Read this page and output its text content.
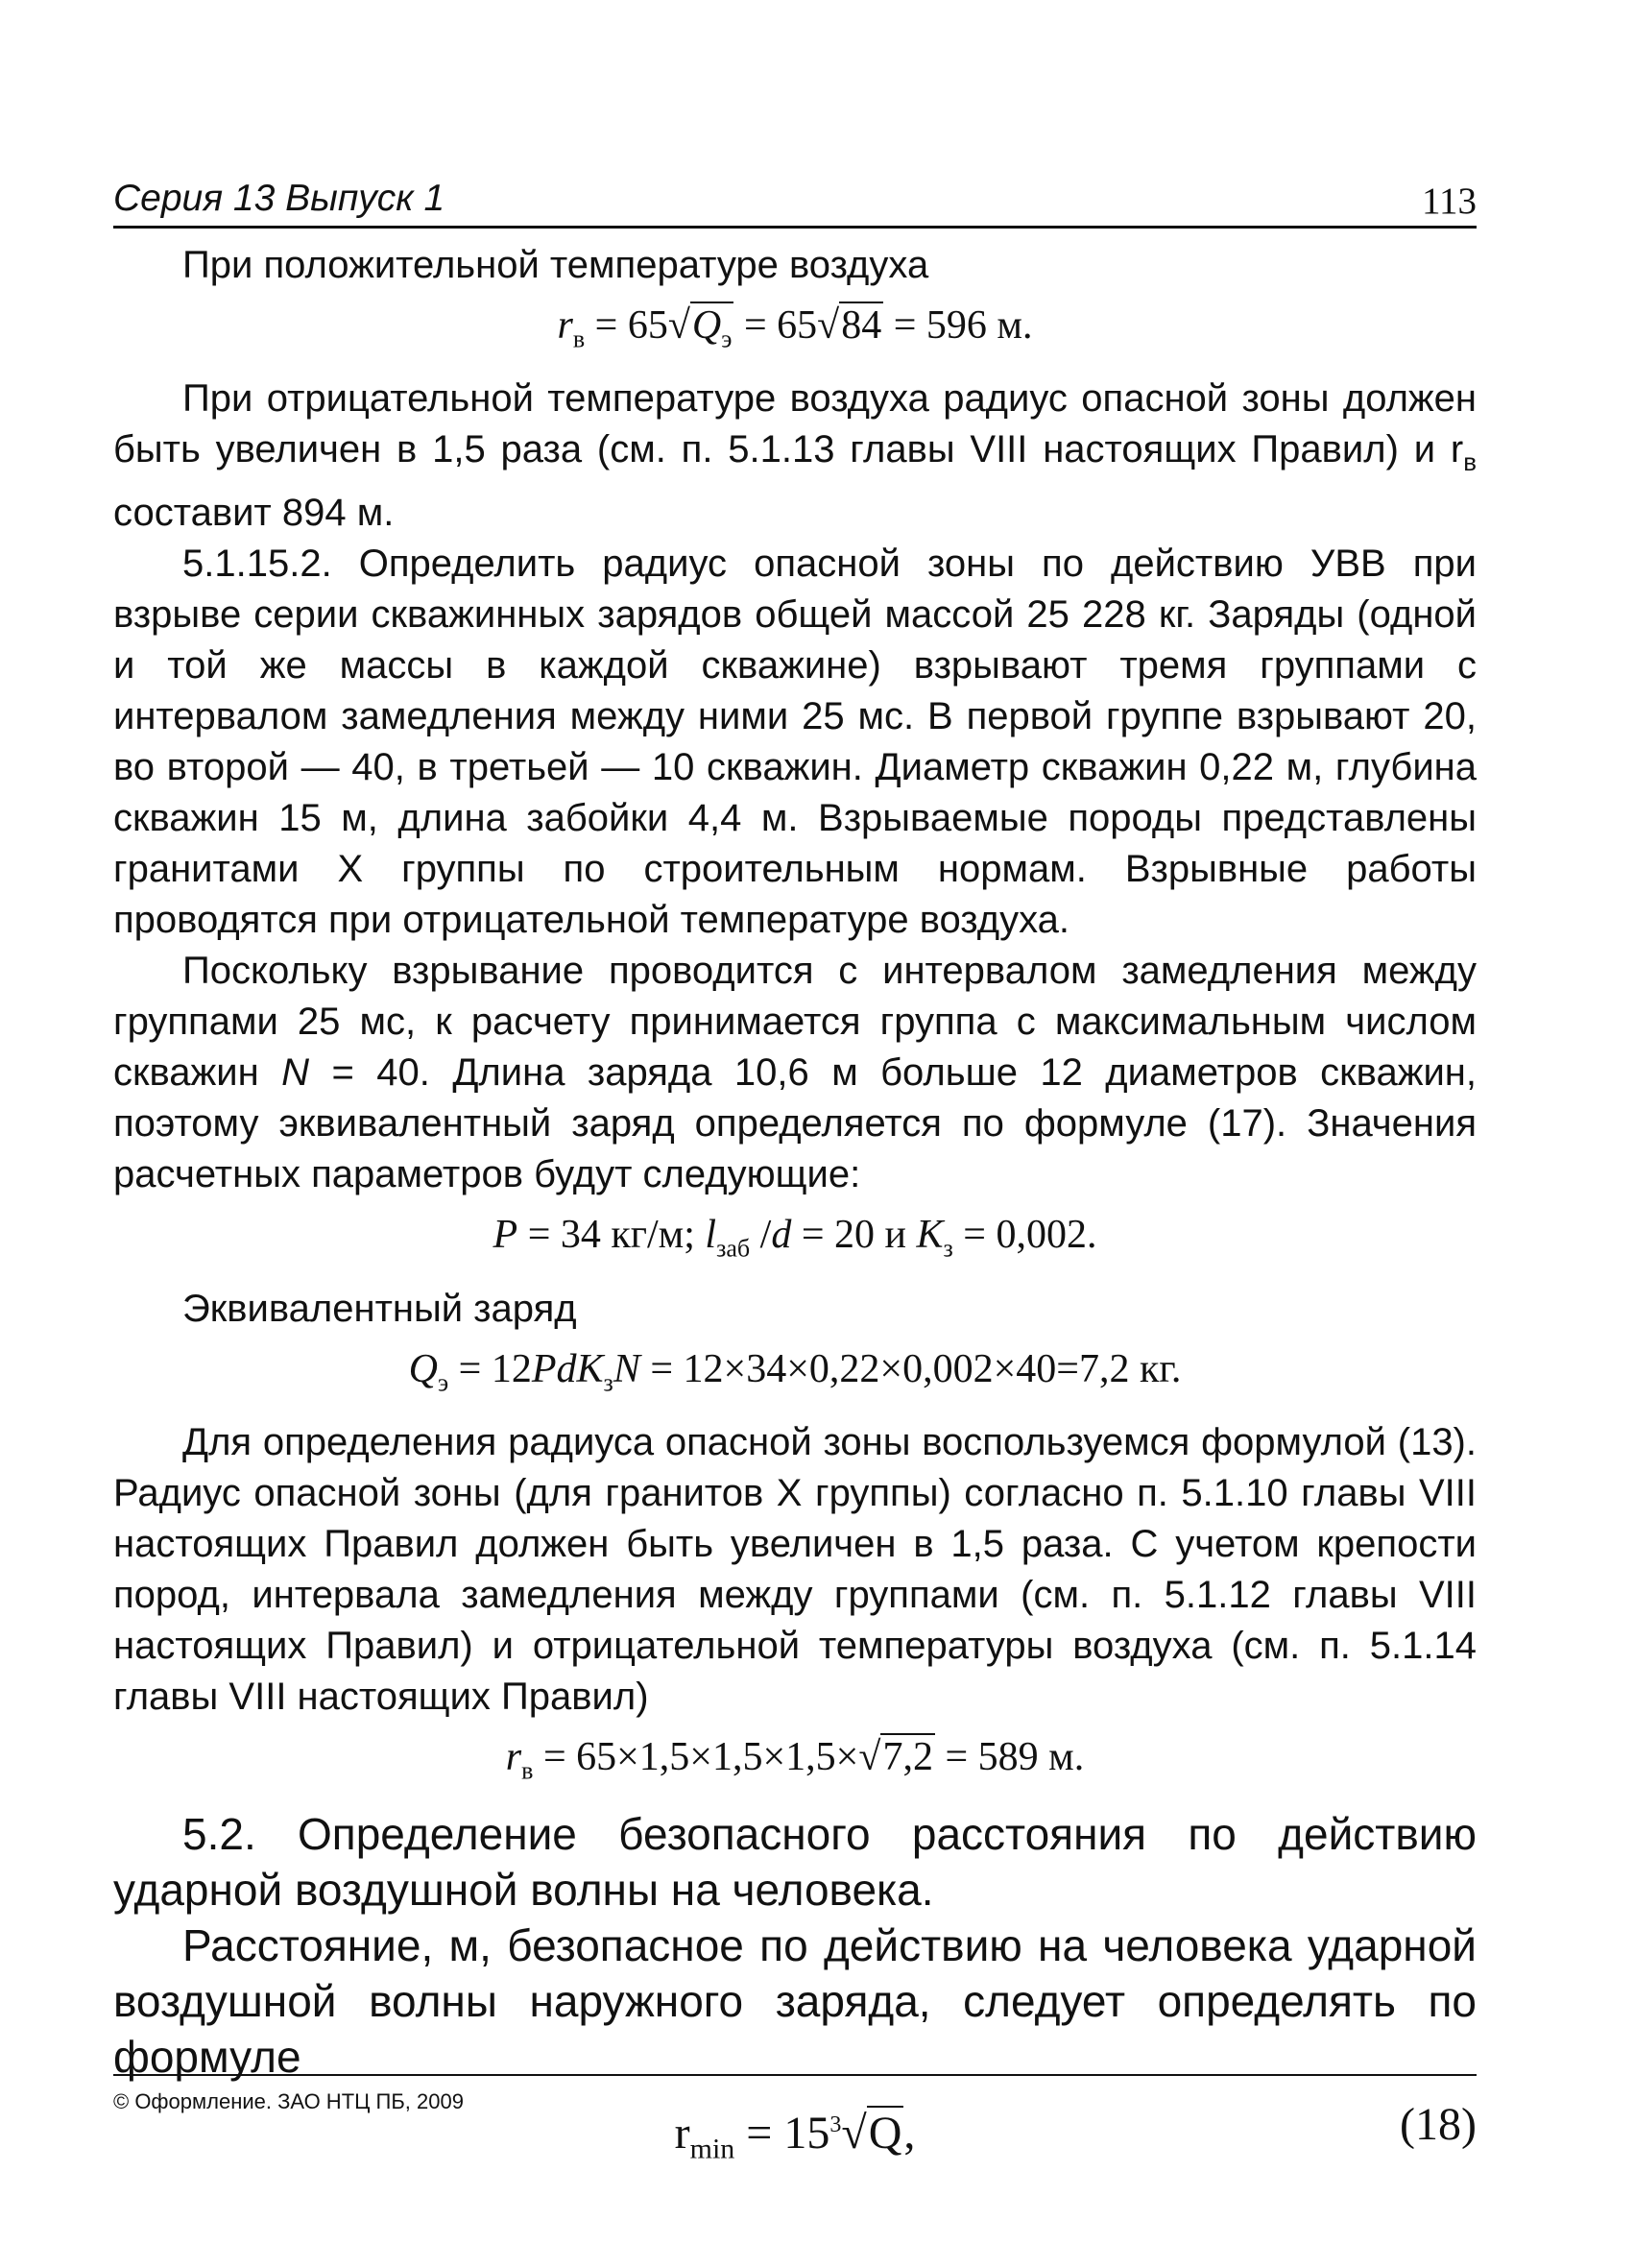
Серия 13 Выпуск 1	113

При положительной температуре воздуха

$r_в = 65√Q_э = 65√84 = 596$ м.

При отрицательной температуре воздуха радиус опасной зоны должен быть увеличен в 1,5 раза (см. п. 5.1.13 главы VIII настоящих Правил) и $r_в$ составит 894 м.

5.1.15.2. Определить радиус опасной зоны по действию УВВ при взрыве серии скважинных зарядов общей массой 25 228 кг. Заряды (одной и той же массы в каждой скважине) взрывают тремя группами с интервалом замедления между ними 25 мс. В первой группе взрывают 20, во второй — 40, в третьей — 10 скважин. Диаметр скважин 0,22 м, глубина скважин 15 м, длина забойки 4,4 м. Взрываемые породы представлены гранитами X группы по строительным нормам. Взрывные работы проводятся при отрицательной температуре воздуха.

Поскольку взрывание проводится с интервалом замедления между группами 25 мс, к расчету принимается группа с максимальным числом скважин N = 40. Длина заряда 10,6 м больше 12 диаметров скважин, поэтому эквивалентный заряд определяется по формуле (17). Значения расчетных параметров будут следующие:

P = 34 кг/м; $l_{заб}$ /d = 20 и $K_з = 0,002$.

Эквивалентный заряд

$Q_э = 12PdK_зN = 12\times 34\times 0,22\times 0,002\times 40=7,2$ кг.

Для определения радиуса опасной зоны воспользуемся формулой (13). Радиус опасной зоны (для гранитов X группы) согласно п. 5.1.10 главы VIII настоящих Правил должен быть увеличен в 1,5 раза. С учетом крепости пород, интервала замедления между группами (см. п. 5.1.12 главы VIII настоящих Правил) и отрицательной температуры воздуха (см. п. 5.1.14 главы VIII настоящих Правил)

$r_в = 65\times 1,5\times 1,5\times 1,5\times√7,2 = 589$ м.

5.2. Определение безопасного расстояния по действию ударной воздушной волны на человека.

Расстояние, м, безопасное по действию на человека ударной воздушной волны наружного заряда, следует определять по формуле

$r_{min} = 15^3√Q$,	(18)
© Оформление. ЗАО НТЦ ПБ, 2009
